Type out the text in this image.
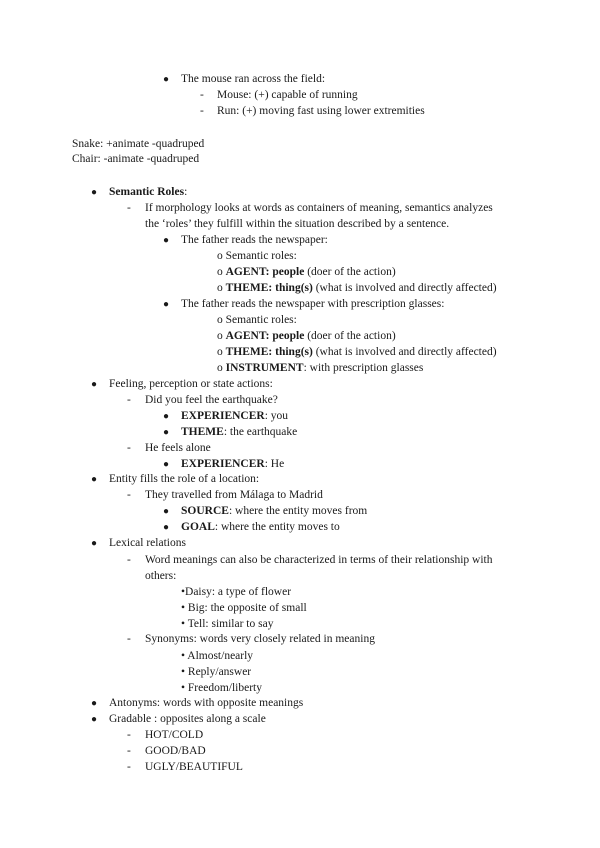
● The mouse ran across the field:
- Mouse: (+) capable of running
- Run: (+) moving fast using lower extremities
Snake: +animate -quadruped
Chair: -animate -quadruped
● Semantic Roles:
- If morphology looks at words as containers of meaning, semantics analyzes
the ‘roles’ they fulfill within the situation described by a sentence.
● The father reads the newspaper:
o Semantic roles:
o AGENT: people (doer of the action)
o THEME: thing(s) (what is involved and directly affected)
● The father reads the newspaper with prescription glasses:
o Semantic roles:
o AGENT: people (doer of the action)
o THEME: thing(s) (what is involved and directly affected)
o INSTRUMENT: with prescription glasses
● Feeling, perception or state actions:
- Did you feel the earthquake?
● EXPERIENCER: you
● THEME: the earthquake
- He feels alone
● EXPERIENCER: He
● Entity fills the role of a location:
- They travelled from Málaga to Madrid
● SOURCE: where the entity moves from
● GOAL: where the entity moves to
● Lexical relations
- Word meanings can also be characterized in terms of their relationship with
others:
•Daisy: a type of flower
• Big: the opposite of small
• Tell: similar to say
- Synonyms: words very closely related in meaning
• Almost/nearly
• Reply/answer
• Freedom/liberty
● Antonyms: words with opposite meanings
● Gradable : opposites along a scale
- HOT/COLD
- GOOD/BAD
- UGLY/BEAUTIFUL
